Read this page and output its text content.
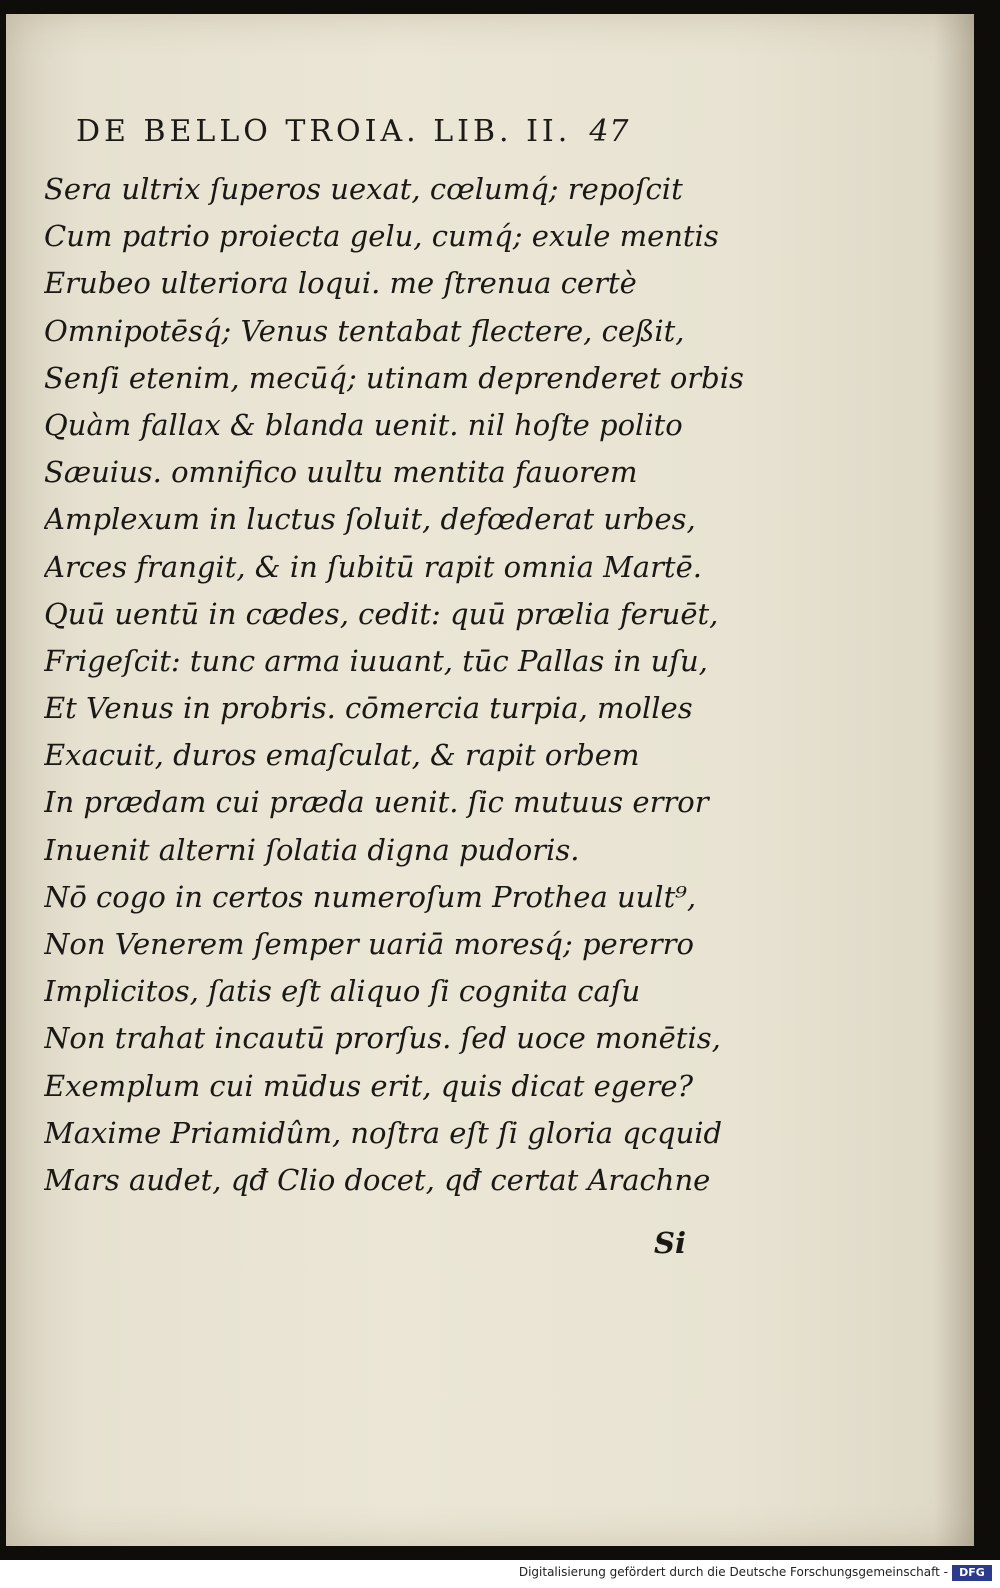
DE BELLO TROIA. LIB. II. 47
Sera ultrix ſuperos uexat, cœlumq́; repoſcit
Cum patrio proiecta gelu, cumq́; exule mentis
Erubeo ulteriora loqui. me ſtrenua certè
Omnipotēsq́; Venus tentabat flectere, ceßit,
Senſi etenim, mecūq́; utinam deprenderet orbis
Quàm fallax & blanda uenit. nil hoſte polito
Sæuius. omnifico uultu mentita fauorem
Amplexum in luctus ſoluit, defœderat urbes,
Arces frangit, & in ſubitū rapit omnia Martē.
Quū uentū in cædes, cedit: quū prælia feruēt,
Frigeſcit: tunc arma iuuant, tūc Pallas in uſu,
Et Venus in probris. cōmercia turpia, molles
Exacuit, duros emaſculat, & rapit orbem
In prædam cui præda uenit. ſic mutuus error
Inuenit alterni ſolatia digna pudoris.
Nō cogo in certos numeroſum Prothea uult⁹,
Non Venerem ſemper uariā moresq́; pererro
Implicitos, ſatis eſt aliquo ſi cognita caſu
Non trahat incautū prorſus. ſed uoce monētis,
Exemplum cui mūdus erit, quis dicat egere?
Maxime Priamidûm, noſtra eſt ſi gloria qcquid
Mars audet, qđ Clio docet, qđ certat Arachne
Si
Digitalisierung gefördert durch die Deutsche Forschungsgemeinschaft -	DFG
